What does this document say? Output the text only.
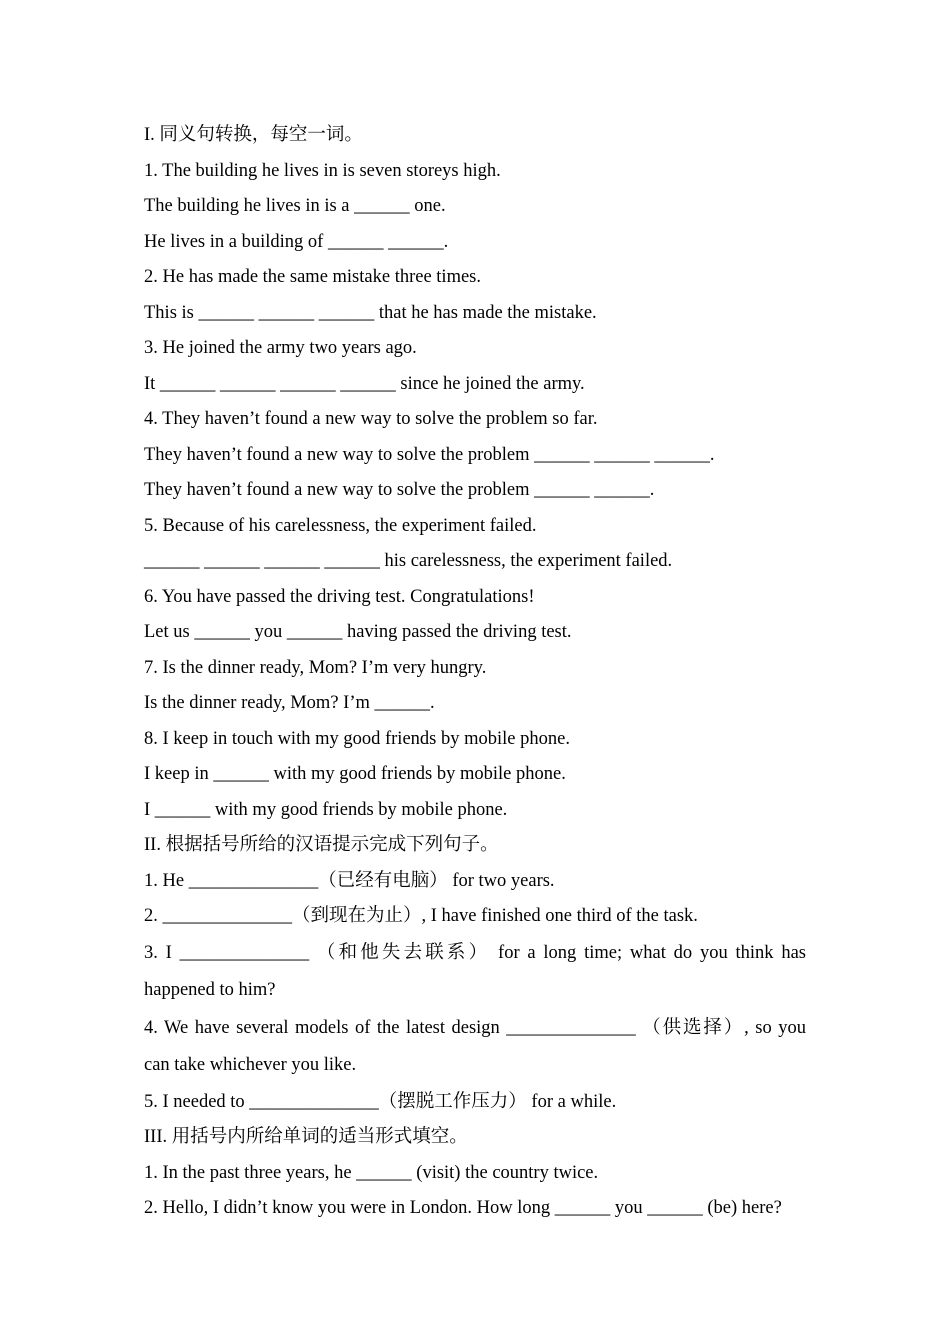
I. 同义句转换，每空一词。
1. The building he lives in is seven storeys high.
The building he lives in is a ______ one.
He lives in a building of ______ ______.
2. He has made the same mistake three times.
This is ______ ______ ______ that he has made the mistake.
3. He joined the army two years ago.
It ______ ______ ______ ______ since he joined the army.
4. They haven’t found a new way to solve the problem so far.
They haven’t found a new way to solve the problem ______ ______ ______.
They haven’t found a new way to solve the problem ______ ______.
5. Because of his carelessness, the experiment failed.
______ ______ ______ ______ his carelessness, the experiment failed.
6. You have passed the driving test. Congratulations!
Let us ______ you ______ having passed the driving test.
7. Is the dinner ready, Mom? I’m very hungry.
Is the dinner ready, Mom? I’m ______.
8. I keep in touch with my good friends by mobile phone.
I keep in ______ with my good friends by mobile phone.
I ______ with my good friends by mobile phone.
II. 根据括号所给的汉语提示完成下列句子。
1. He ______________（已经有电脑） for two years.
2. ______________（到现在为止）, I have finished one third of the task.
3. I ______________ （和他失去联系） for a long time; what do you think has
happened to him?
4. We have several models of the latest design ______________ （供选择）, so you
can take whichever you like.
5. I needed to ______________（摆脱工作压力） for a while.
III. 用括号内所给单词的适当形式填空。
1. In the past three years, he ______ (visit) the country twice.
2. Hello, I didn’t know you were in London. How long ______ you ______ (be) here?
